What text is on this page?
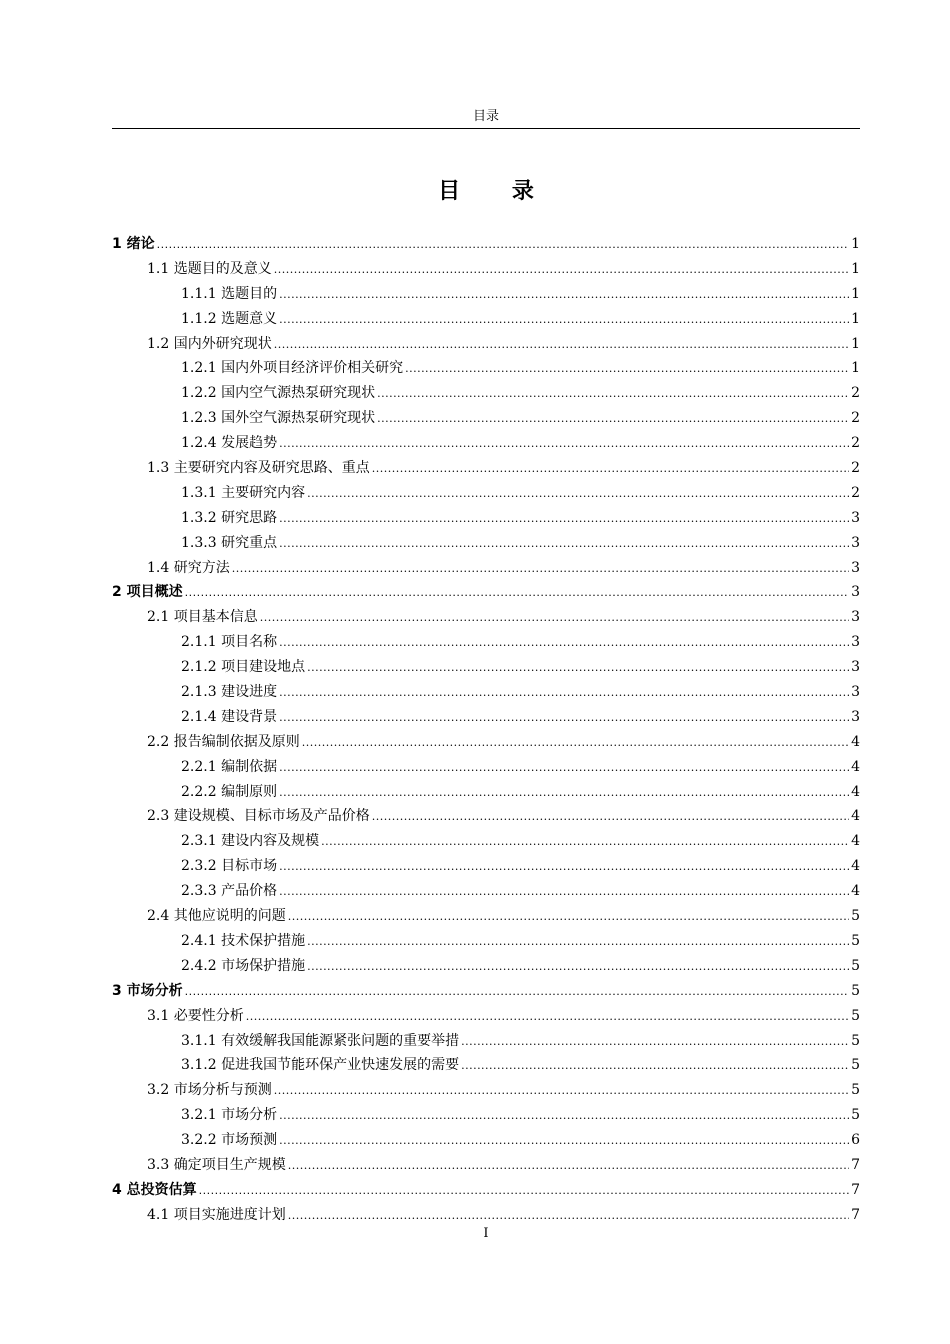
目录
目 录
1 绪论 .....	1
1.1 选题目的及意义 .....	1
1.1.1 选题目的 .....	1
1.1.2 选题意义 .....	1
1.2 国内外研究现状 .....	1
1.2.1 国内外项目经济评价相关研究 .....	1
1.2.2 国内空气源热泵研究现状 .....	2
1.2.3 国外空气源热泵研究现状 .....	2
1.2.4 发展趋势 .....	2
1.3 主要研究内容及研究思路、重点 .....	2
1.3.1 主要研究内容 .....	2
1.3.2 研究思路 .....	3
1.3.3 研究重点 .....	3
1.4 研究方法 .....	3
2 项目概述 .....	3
2.1 项目基本信息 .....	3
2.1.1 项目名称 .....	3
2.1.2 项目建设地点 .....	3
2.1.3 建设进度 .....	3
2.1.4 建设背景 .....	3
2.2 报告编制依据及原则 .....	4
2.2.1 编制依据 .....	4
2.2.2 编制原则 .....	4
2.3 建设规模、目标市场及产品价格 .....	4
2.3.1 建设内容及规模 .....	4
2.3.2 目标市场 .....	4
2.3.3 产品价格 .....	4
2.4 其他应说明的问题 .....	5
2.4.1 技术保护措施 .....	5
2.4.2 市场保护措施 .....	5
3 市场分析 .....	5
3.1 必要性分析 .....	5
3.1.1 有效缓解我国能源紧张问题的重要举措 .....	5
3.1.2 促进我国节能环保产业快速发展的需要 .....	5
3.2 市场分析与预测 .....	5
3.2.1 市场分析 .....	5
3.2.2 市场预测 .....	6
3.3 确定项目生产规模 .....	7
4 总投资估算 .....	7
4.1 项目实施进度计划 .....	7
I
